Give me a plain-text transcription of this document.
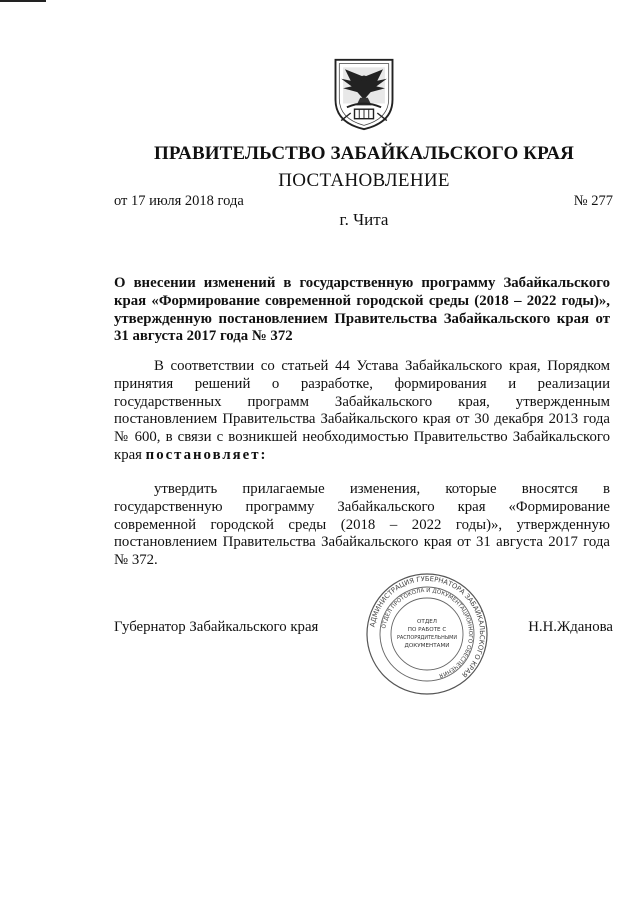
ПРАВИТЕЛЬСТВО ЗАБАЙКАЛЬСКОГО КРАЯ
ПОСТАНОВЛЕНИЕ
от 17 июля 2018 года	№ 277
г. Чита
О внесении изменений в государственную программу Забайкальского края «Формирование современной городской среды (2018 – 2022 годы)», утвержденную постановлением Правительства Забайкальского края от 31 августа 2017 года № 372
В соответствии со статьей 44 Устава Забайкальского края, Порядком принятия решений о разработке, формирования и реализации государственных программ Забайкальского края, утвержденным постановлением Правительства Забайкальского края от 30 декабря 2013 года № 600, в связи с возникшей необходимостью Правительство Забайкальского края постановляет:
утвердить прилагаемые изменения, которые вносятся в государственную программу Забайкальского края «Формирование современной городской среды (2018 – 2022 годы)», утвержденную постановлением Правительства Забайкальского края от 31 августа 2017 года № 372.
Губернатор Забайкальского края	Н.Н.Жданова
АДМИНИСТРАЦИЯ ГУБЕРНАТОРА ЗАБАЙКАЛЬСКОГО КРАЯ
ОТДЕЛ ПРОТОКОЛА И ДОКУМЕНТАЦИОННОГО ОБЕСПЕЧЕНИЯ
ОТДЕЛ
ПО РАБОТЕ С
РАСПОРЯДИТЕЛЬНЫМИ
ДОКУМЕНТАМИ
